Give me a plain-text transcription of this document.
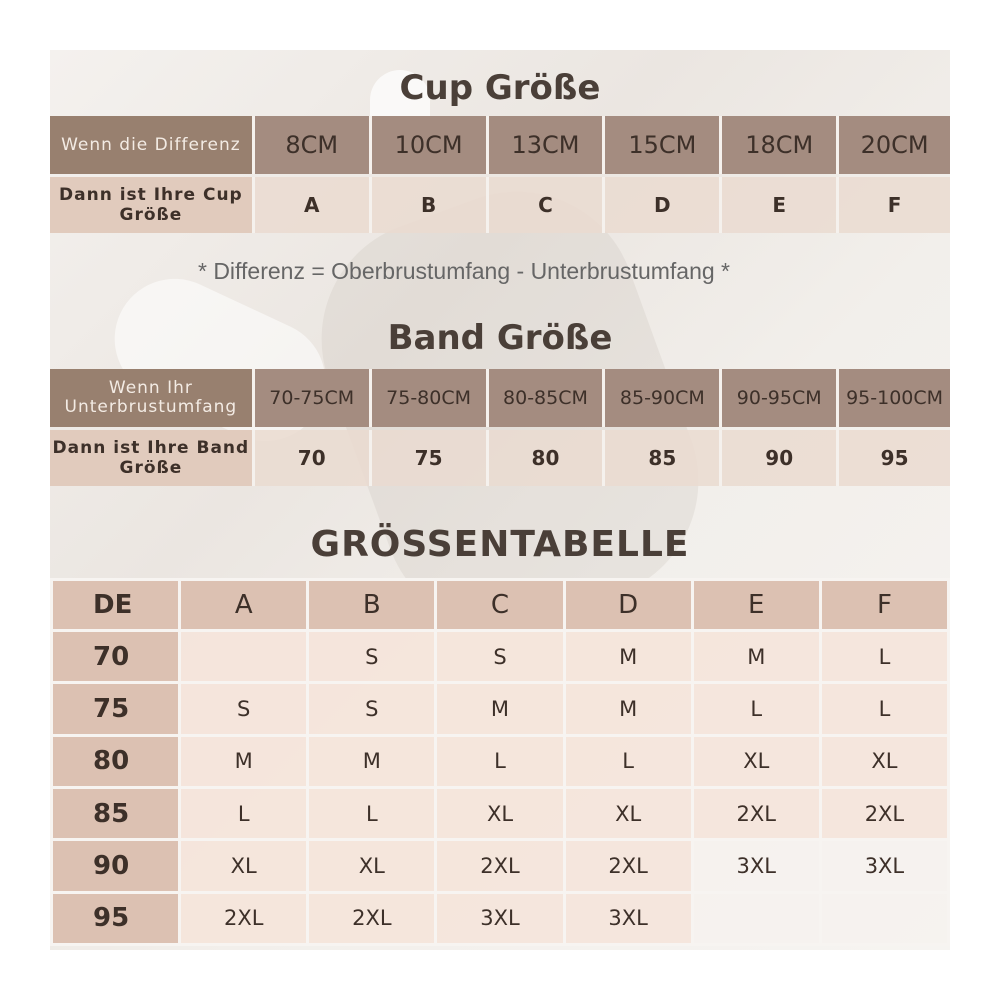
Cup Größe
Wenn die Differenz	8CM	10CM	13CM	15CM	18CM	20CM
Dann ist Ihre Cup Größe	A	B	C	D	E	F
* Differenz = Oberbrustumfang - Unterbrustumfang *
Band Größe
Wenn Ihr Unterbrustumfang	70-75CM	75-80CM	80-85CM	85-90CM	90-95CM	95-100CM
Dann ist Ihre Band Größe	70	75	80	85	90	95
GRÖSSENTABELLE
DE	A	B	C	D	E	F
70		S	S	M	M	L
75	S	S	M	M	L	L
80	M	M	L	L	XL	XL
85	L	L	XL	XL	2XL	2XL
90	XL	XL	2XL	2XL	3XL	3XL
95	2XL	2XL	3XL	3XL		
